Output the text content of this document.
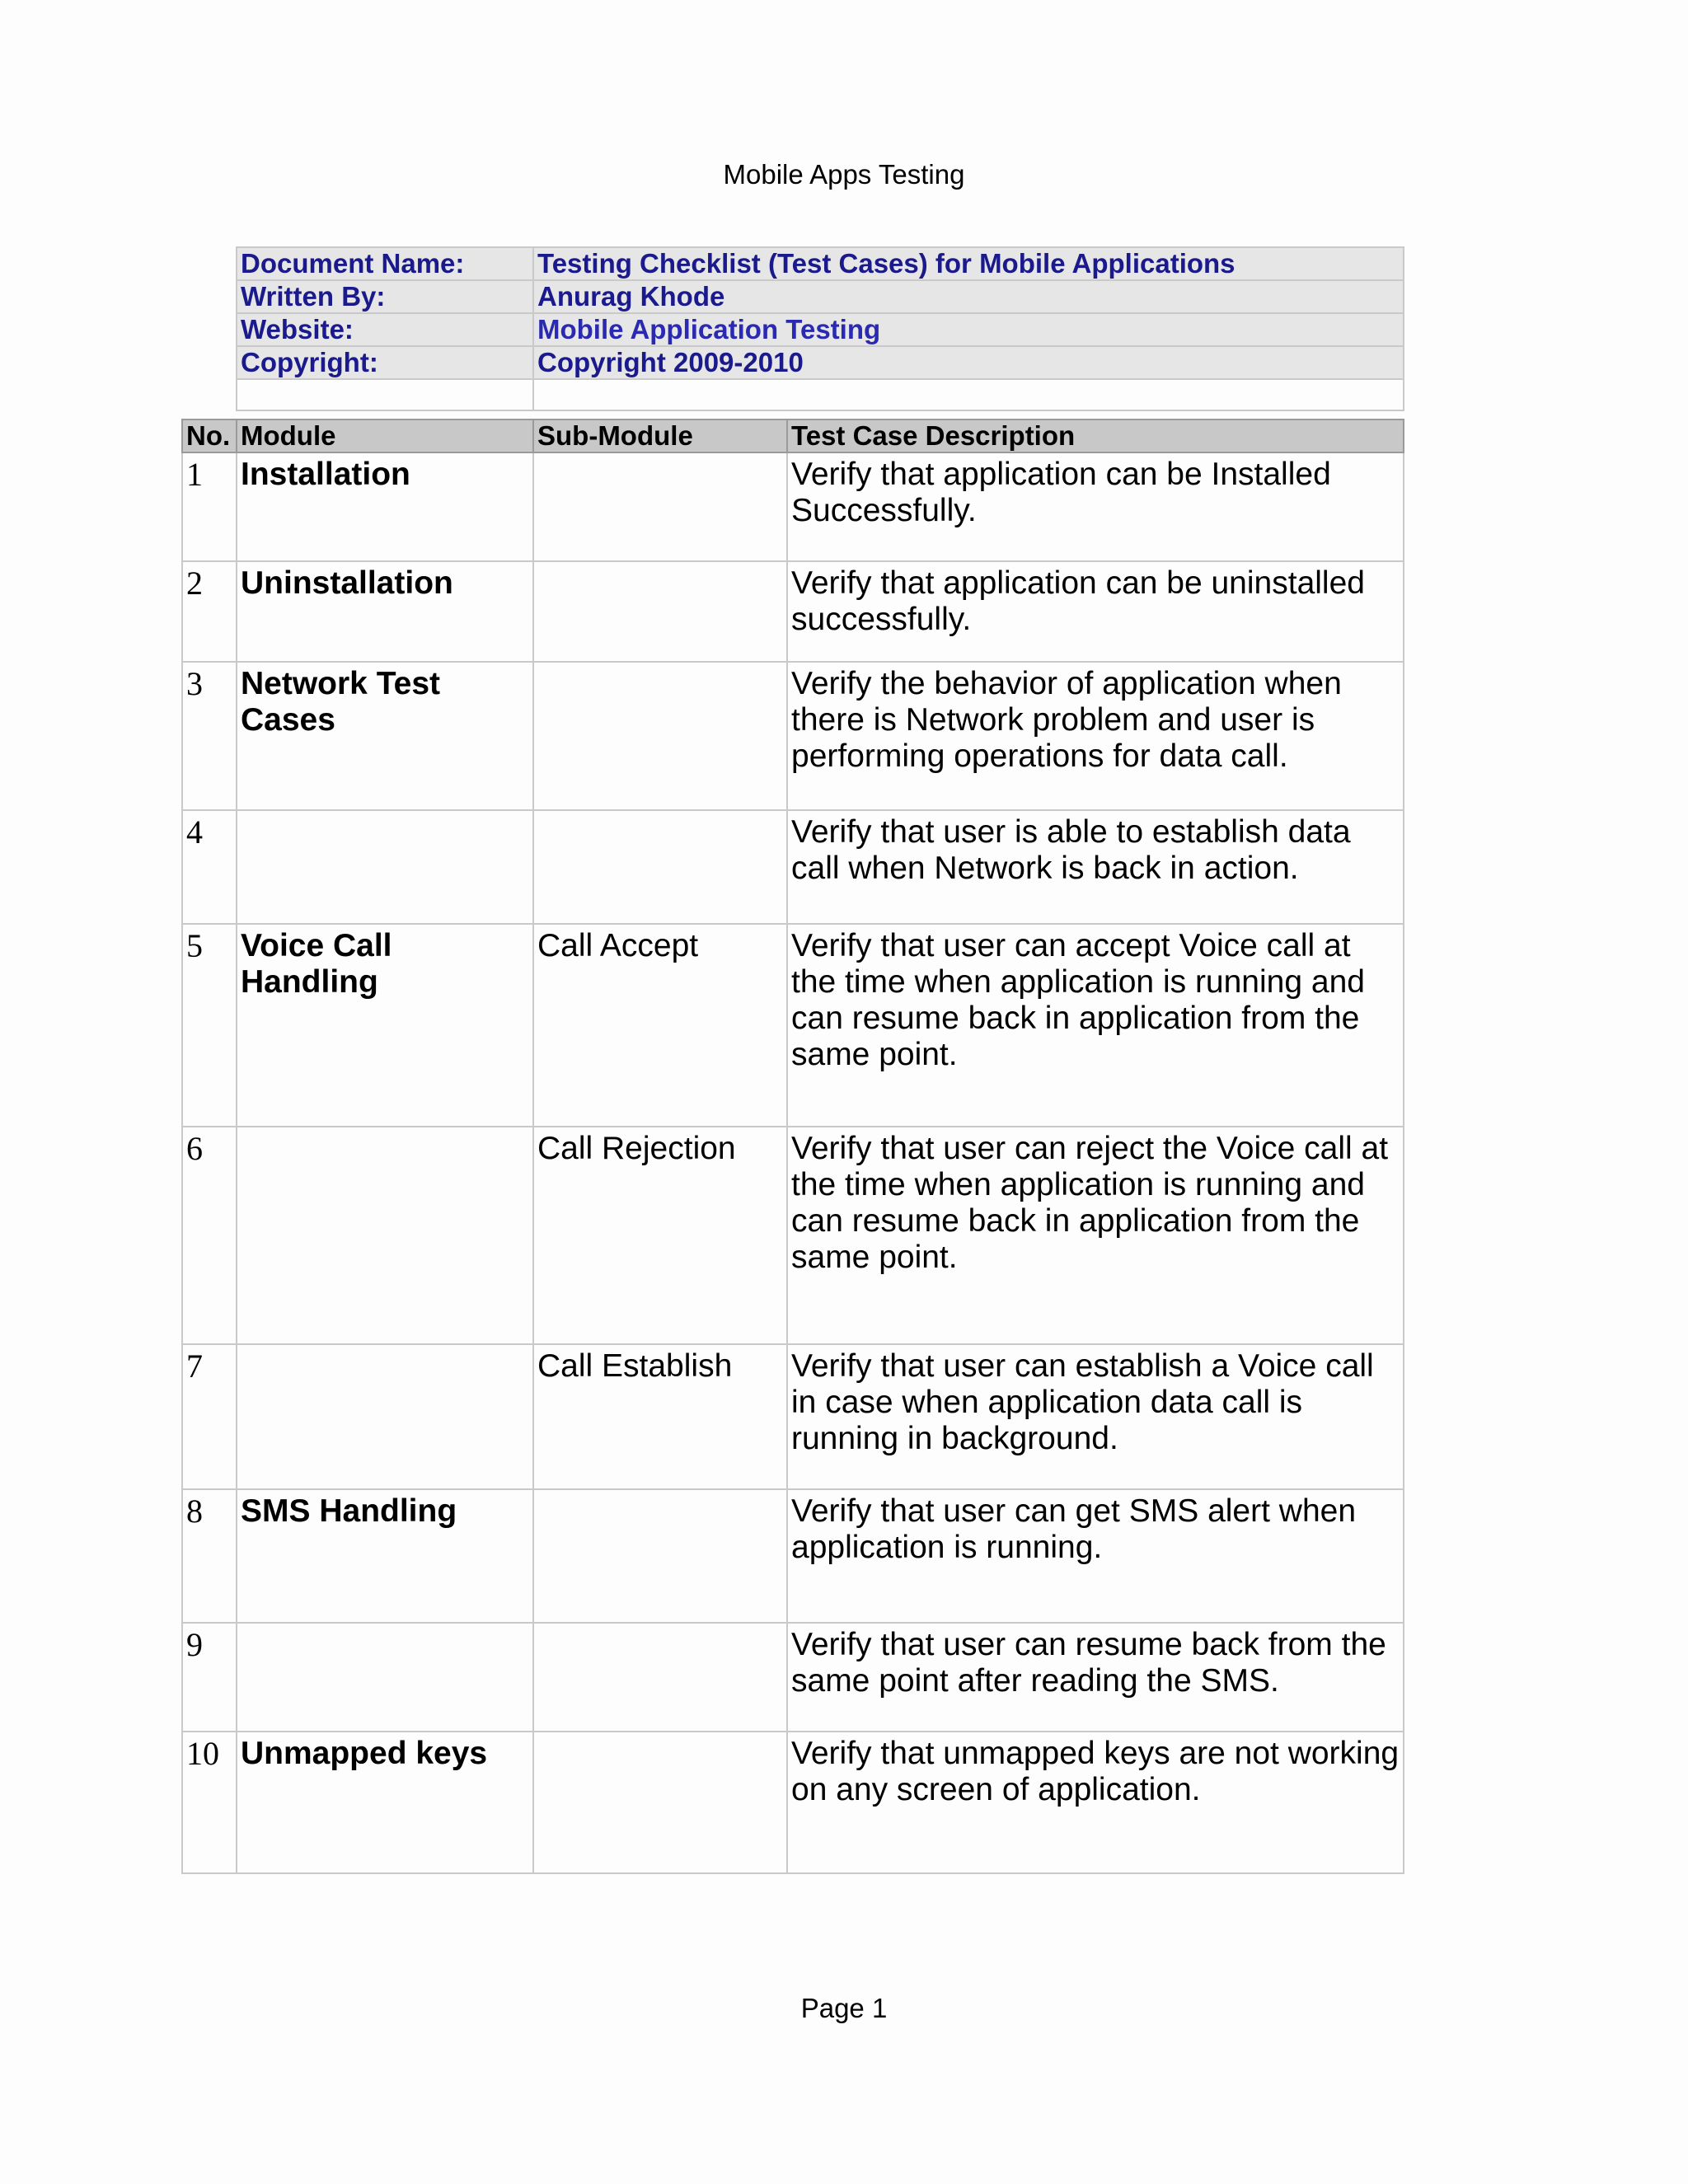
Mobile Apps Testing
Document Name:	Testing Checklist (Test Cases) for Mobile Applications
Written By:	Anurag Khode
Website:	Mobile Application Testing
Copyright:	Copyright 2009-2010

No.	Module	Sub-Module	Test Case Description
1	Installation		Verify that application can be Installed Successfully.
2	Uninstallation		Verify that application can be uninstalled successfully.
3	Network Test Cases		Verify the behavior of application when there is Network problem and user is performing operations for data call.
4			Verify that user is able to establish data call when Network is back in action.
5	Voice Call Handling	Call Accept	Verify that user can accept Voice call at the time when application is running and can resume back in application from the same point.
6		Call Rejection	Verify that user can reject the Voice call at the time when application is running and can resume back in application from the same point.
7		Call Establish	Verify that user can establish a Voice call in case when application data call is running in background.
8	SMS Handling		Verify that user can get SMS alert when application is running.
9			Verify that user can resume back from the same point after reading the SMS.
10	Unmapped keys		Verify that unmapped keys are not working on any screen of application.
Page 1
